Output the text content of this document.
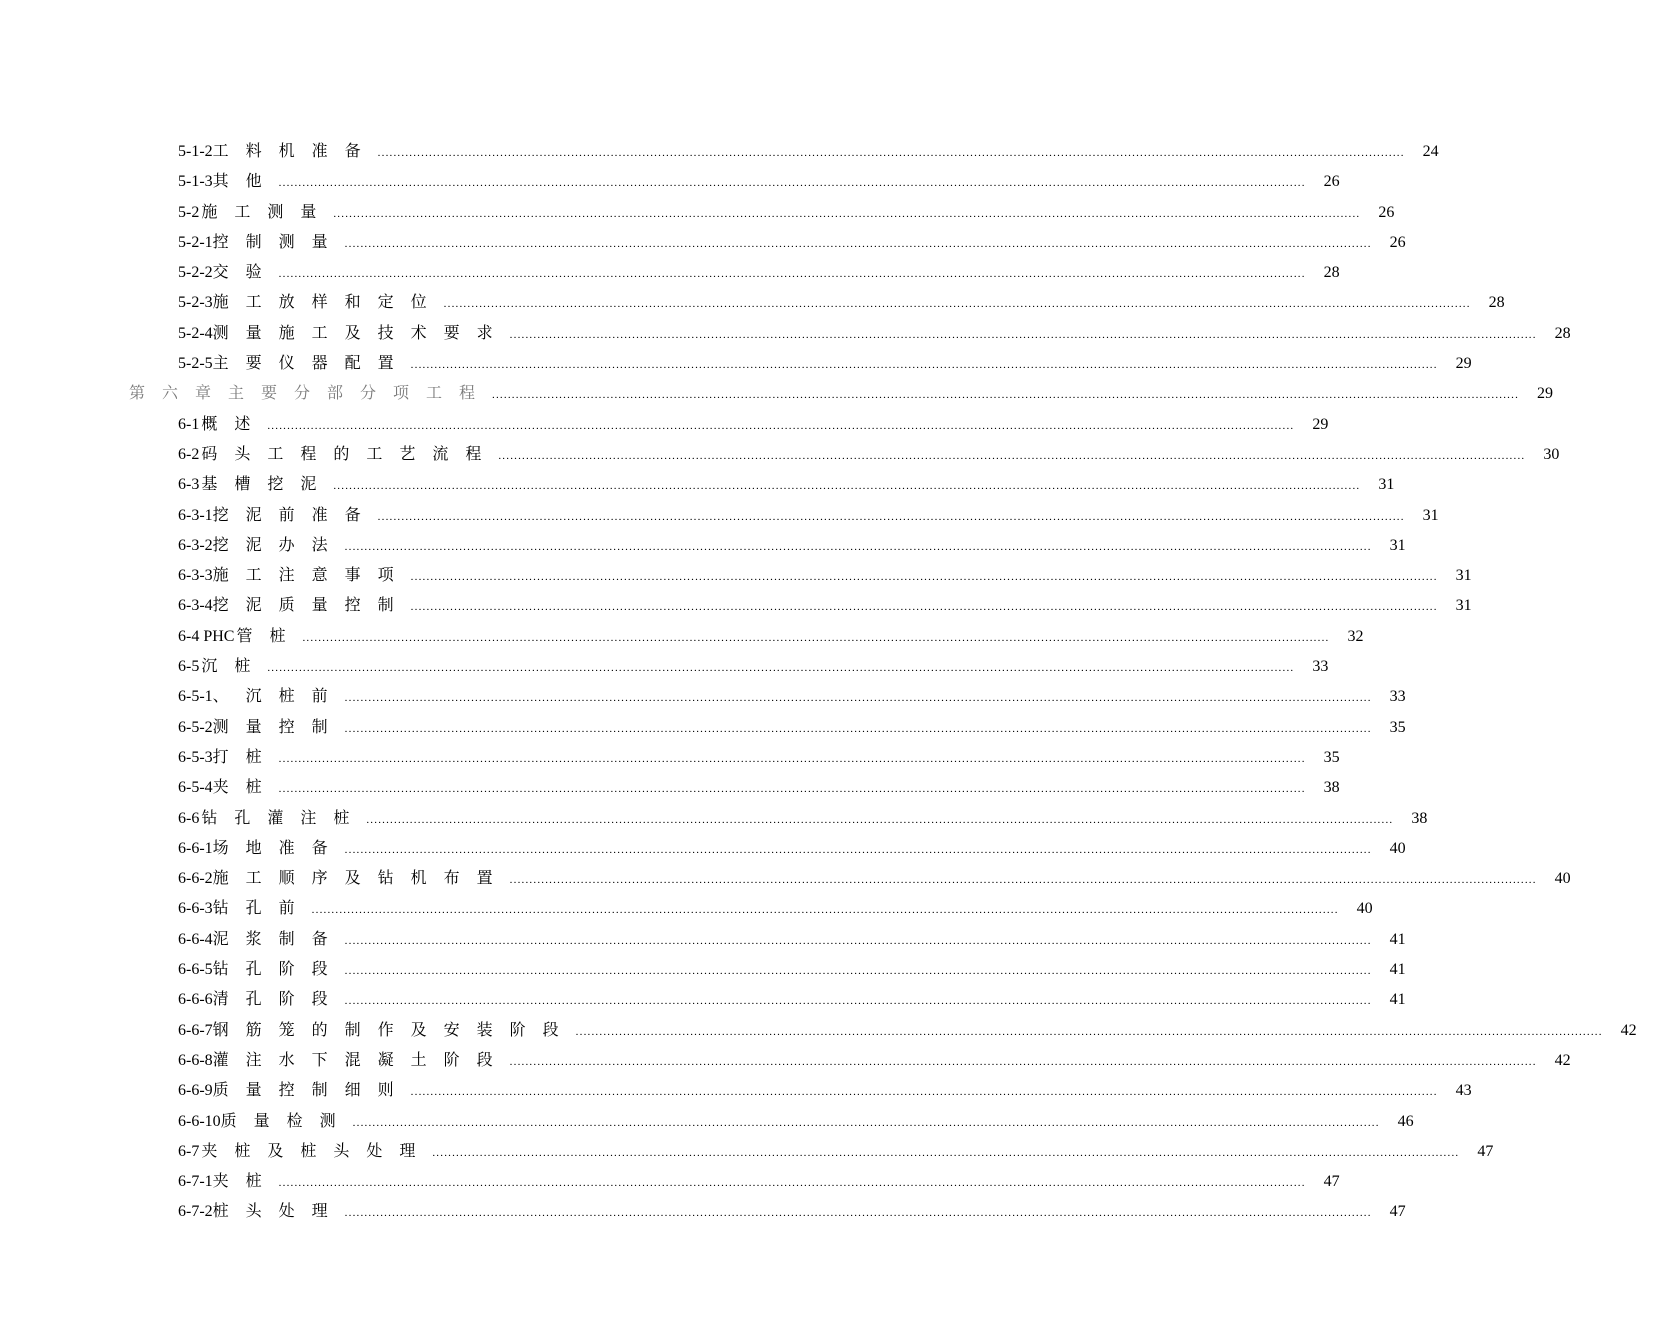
5-1-2 工料机准备 .................................................................................................................................................................................................................................................................... 24
5-1-3 其他 .................................................................................................................................................................................................................................................................... 26
5-2 施工测量 .................................................................................................................................................................................................................................................................... 26
5-2-1 控制测量 .................................................................................................................................................................................................................................................................... 26
5-2-2 交验 .................................................................................................................................................................................................................................................................... 28
5-2-3 施工放样和定位 .................................................................................................................................................................................................................................................................... 28
5-2-4 测量施工及技术要求 .................................................................................................................................................................................................................................................................... 28
5-2-5 主要仪器配置 .................................................................................................................................................................................................................................................................... 29
第六章 主要分部分项工程 .................................................................................................................................................................................................................................................................... 29
6-1 概述 .................................................................................................................................................................................................................................................................... 29
6-2 码头工程的工艺流程 .................................................................................................................................................................................................................................................................... 30
6-3 基槽挖泥 .................................................................................................................................................................................................................................................................... 31
6-3-1 挖泥前准备 .................................................................................................................................................................................................................................................................... 31
6-3-2 挖泥办法 .................................................................................................................................................................................................................................................................... 31
6-3-3 施工注意事项 .................................................................................................................................................................................................................................................................... 31
6-3-4 挖泥质量控制 .................................................................................................................................................................................................................................................................... 31
6-4 PHC 管桩 .................................................................................................................................................................................................................................................................... 32
6-5 沉桩 .................................................................................................................................................................................................................................................................... 33
6-5-1 、沉桩前 .................................................................................................................................................................................................................................................................... 33
6-5-2 测量控制 .................................................................................................................................................................................................................................................................... 35
6-5-3 打桩 .................................................................................................................................................................................................................................................................... 35
6-5-4 夹桩 .................................................................................................................................................................................................................................................................... 38
6-6 钻孔灌注桩 .................................................................................................................................................................................................................................................................... 38
6-6-1 场地准备 .................................................................................................................................................................................................................................................................... 40
6-6-2 施工顺序及钻机布置 .................................................................................................................................................................................................................................................................... 40
6-6-3 钻孔前 .................................................................................................................................................................................................................................................................... 40
6-6-4 泥浆制备 .................................................................................................................................................................................................................................................................... 41
6-6-5 钻孔阶段 .................................................................................................................................................................................................................................................................... 41
6-6-6 清孔阶段 .................................................................................................................................................................................................................................................................... 41
6-6-7 钢筋笼的制作及安装阶段 .................................................................................................................................................................................................................................................................... 42
6-6-8 灌注水下混凝土阶段 .................................................................................................................................................................................................................................................................... 42
6-6-9 质量控制细则 .................................................................................................................................................................................................................................................................... 43
6-6-10 质量检测 .................................................................................................................................................................................................................................................................... 46
6-7 夹桩及桩头处理 .................................................................................................................................................................................................................................................................... 47
6-7-1 夹桩 .................................................................................................................................................................................................................................................................... 47
6-7-2 桩头处理 .................................................................................................................................................................................................................................................................... 47
